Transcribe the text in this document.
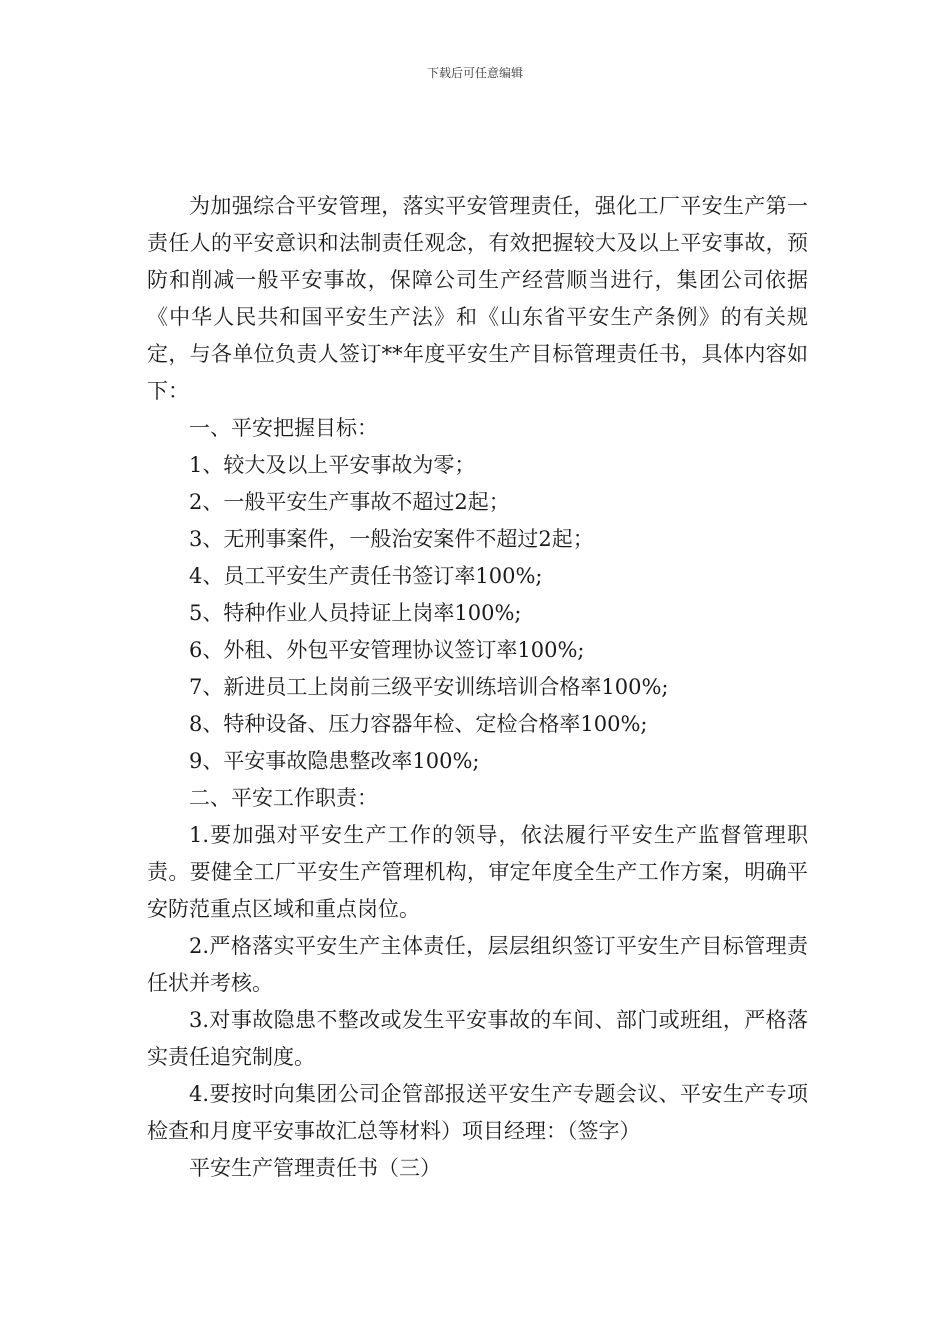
下载后可任意编辑

为加强综合平安管理，落实平安管理责任，强化工厂平安生产第一责任人的平安意识和法制责任观念，有效把握较大及以上平安事故，预防和削减一般平安事故，保障公司生产经营顺当进行，集团公司依据《中华人民共和国平安生产法》和《山东省平安生产条例》的有关规定，与各单位负责人签订**年度平安生产目标管理责任书，具体内容如下：

一、平安把握目标：

1、较大及以上平安事故为零；

2、一般平安生产事故不超过2起；

3、无刑事案件，一般治安案件不超过2起；

4、员工平安生产责任书签订率100%;

5、特种作业人员持证上岗率100%;

6、外租、外包平安管理协议签订率100%;

7、新进员工上岗前三级平安训练培训合格率100%;

8、特种设备、压力容器年检、定检合格率100%;

9、平安事故隐患整改率100%;

二、平安工作职责：

1.要加强对平安生产工作的领导，依法履行平安生产监督管理职责。要健全工厂平安生产管理机构，审定年度全生产工作方案，明确平安防范重点区域和重点岗位。

2.严格落实平安生产主体责任，层层组织签订平安生产目标管理责任状并考核。

3.对事故隐患不整改或发生平安事故的车间、部门或班组，严格落实责任追究制度。

4.要按时向集团公司企管部报送平安生产专题会议、平安生产专项检查和月度平安事故汇总等材料）项目经理：（签字）

平安生产管理责任书（三）
